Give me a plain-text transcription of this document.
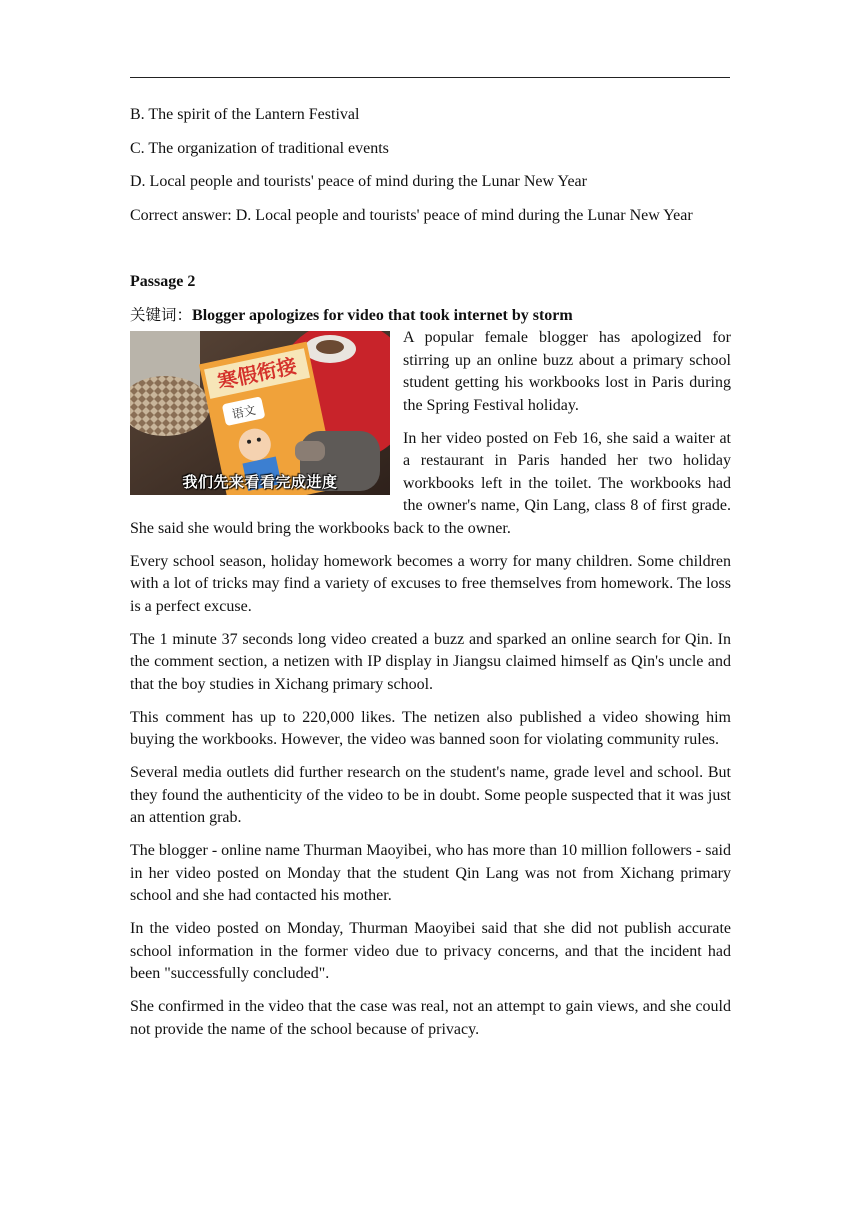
B. The spirit of the Lantern Festival

C. The organization of traditional events

D. Local people and tourists' peace of mind during the Lunar New Year

Correct answer: D. Local people and tourists' peace of mind during the Lunar New Year

Passage 2

关键词：Blogger apologizes for video that took internet by storm

寒假衔接
语文
我们先来看看完成进度

A popular female blogger has apologized for stirring up an online buzz about a primary school student getting his workbooks lost in Paris during the Spring Festival holiday.

In her video posted on Feb 16, she said a waiter at a restaurant in Paris handed her two holiday workbooks left in the toilet. The workbooks had the owner's name, Qin Lang, class 8 of first grade. She said she would bring the workbooks back to the owner.

Every school season, holiday homework becomes a worry for many children. Some children with a lot of tricks may find a variety of excuses to free themselves from homework. The loss is a perfect excuse.

The 1 minute 37 seconds long video created a buzz and sparked an online search for Qin. In the comment section, a netizen with IP display in Jiangsu claimed himself as Qin's uncle and that the boy studies in Xichang primary school.

This comment has up to 220,000 likes. The netizen also published a video showing him buying the workbooks. However, the video was banned soon for violating community rules.

Several media outlets did further research on the student's name, grade level and school. But they found the authenticity of the video to be in doubt. Some people suspected that it was just an attention grab.

The blogger - online name Thurman Maoyibei, who has more than 10 million followers - said in her video posted on Monday that the student Qin Lang was not from Xichang primary school and she had contacted his mother.

In the video posted on Monday, Thurman Maoyibei said that she did not publish accurate school information in the former video due to privacy concerns, and that the incident had been "successfully concluded".

She confirmed in the video that the case was real, not an attempt to gain views, and she could not provide the name of the school because of privacy.
